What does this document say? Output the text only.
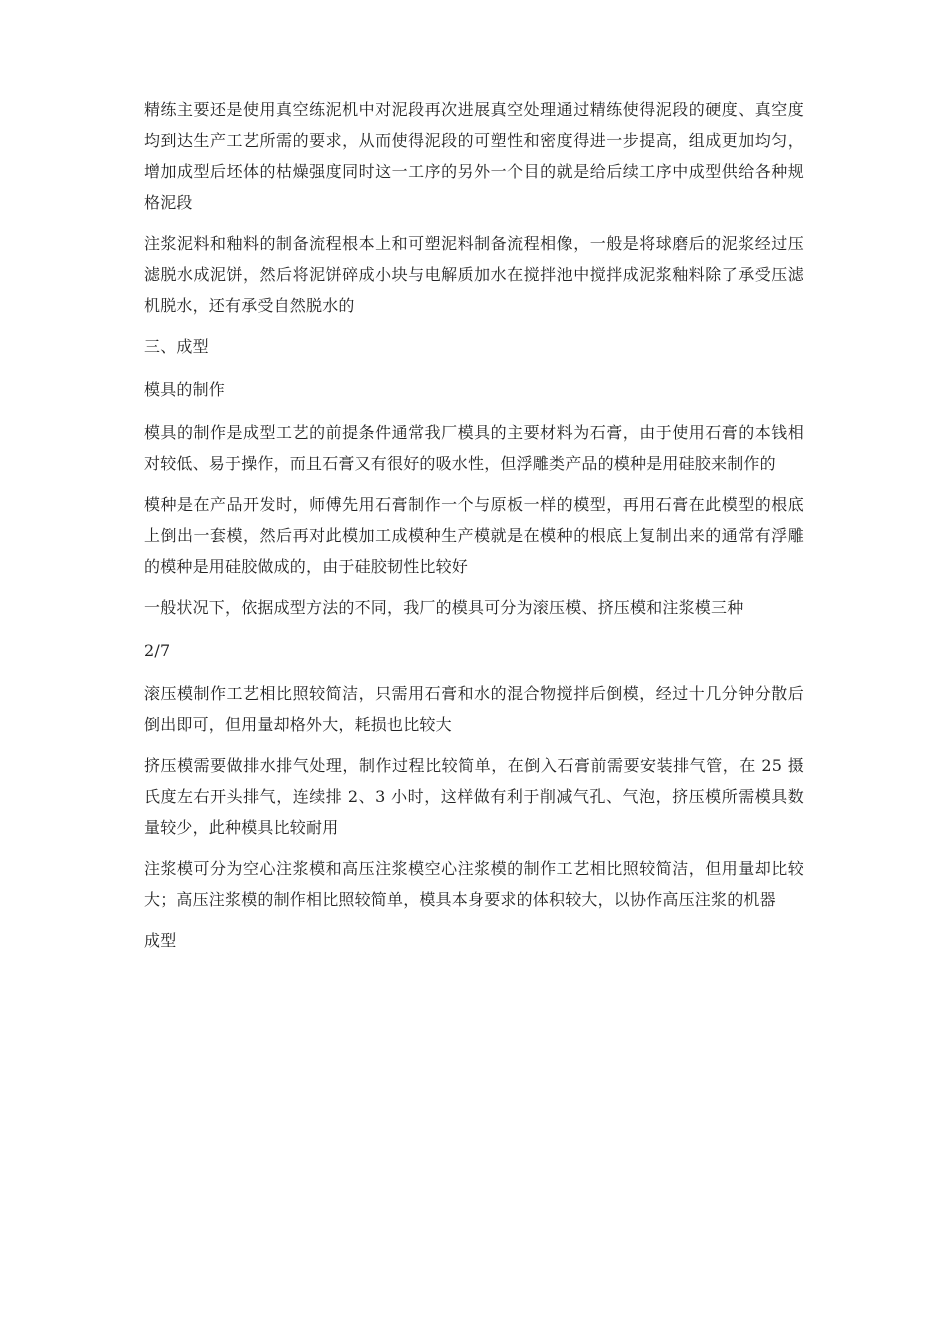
精练主要还是使用真空练泥机中对泥段再次进展真空处理通过精练使得泥段的硬度、真空度均到达生产工艺所需的要求，从而使得泥段的可塑性和密度得进一步提高，组成更加均匀，增加成型后坯体的枯燥强度同时这一工序的另外一个目的就是给后续工序中成型供给各种规格泥段

注浆泥料和釉料的制备流程根本上和可塑泥料制备流程相像，一般是将球磨后的泥浆经过压滤脱水成泥饼，然后将泥饼碎成小块与电解质加水在搅拌池中搅拌成泥浆釉料除了承受压滤机脱水，还有承受自然脱水的

三、成型

模具的制作

模具的制作是成型工艺的前提条件通常我厂模具的主要材料为石膏，由于使用石膏的本钱相对较低、易于操作，而且石膏又有很好的吸水性，但浮雕类产品的模种是用硅胶来制作的

模种是在产品开发时，师傅先用石膏制作一个与原板一样的模型，再用石膏在此模型的根底上倒出一套模，然后再对此模加工成模种生产模就是在模种的根底上复制出来的通常有浮雕的模种是用硅胶做成的，由于硅胶韧性比较好

一般状况下，依据成型方法的不同，我厂的模具可分为滚压模、挤压模和注浆模三种

2/7

滚压模制作工艺相比照较简洁，只需用石膏和水的混合物搅拌后倒模，经过十几分钟分散后倒出即可，但用量却格外大，耗损也比较大

挤压模需要做排水排气处理，制作过程比较简单，在倒入石膏前需要安装排气管，在 25 摄氏度左右开头排气，连续排 2、3 小时，这样做有利于削减气孔、气泡，挤压模所需模具数量较少，此种模具比较耐用

注浆模可分为空心注浆模和高压注浆模空心注浆模的制作工艺相比照较简洁，但用量却比较大；高压注浆模的制作相比照较简单，模具本身要求的体积较大，以协作高压注浆的机器

成型
